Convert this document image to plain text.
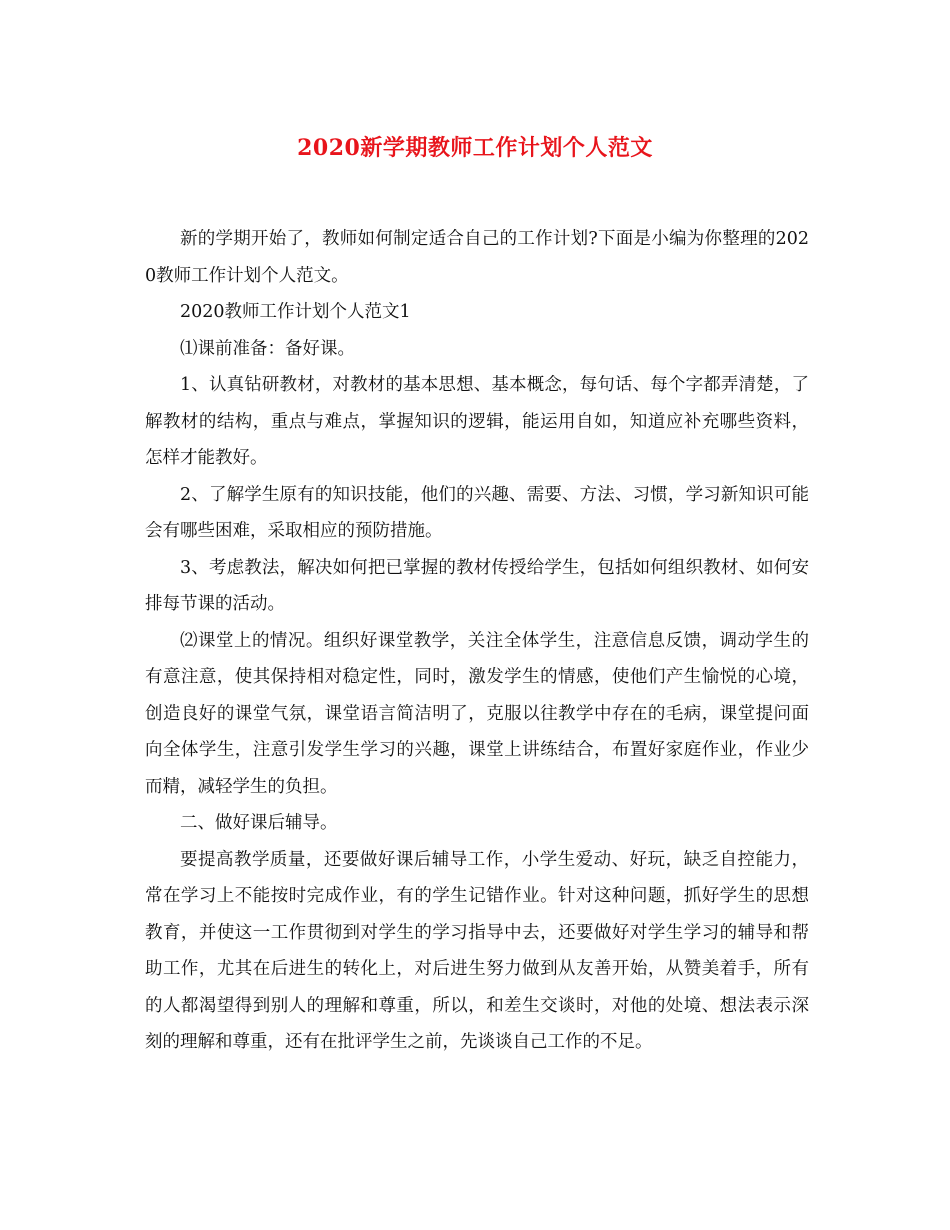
2020新学期教师工作计划个人范文

新的学期开始了，教师如何制定适合自己的工作计划?下面是小编为你整理的2020教师工作计划个人范文。

2020教师工作计划个人范文1

⑴课前准备：备好课。

1、认真钻研教材，对教材的基本思想、基本概念，每句话、每个字都弄清楚，了解教材的结构，重点与难点，掌握知识的逻辑，能运用自如，知道应补充哪些资料，怎样才能教好。

2、了解学生原有的知识技能，他们的兴趣、需要、方法、习惯，学习新知识可能会有哪些困难，采取相应的预防措施。

3、考虑教法，解决如何把已掌握的教材传授给学生，包括如何组织教材、如何安排每节课的活动。

⑵课堂上的情况。组织好课堂教学，关注全体学生，注意信息反馈，调动学生的有意注意，使其保持相对稳定性，同时，激发学生的情感，使他们产生愉悦的心境，创造良好的课堂气氛，课堂语言简洁明了，克服以往教学中存在的毛病，课堂提问面向全体学生，注意引发学生学习的兴趣，课堂上讲练结合，布置好家庭作业，作业少而精，减轻学生的负担。

二、做好课后辅导。

要提高教学质量，还要做好课后辅导工作，小学生爱动、好玩，缺乏自控能力，常在学习上不能按时完成作业，有的学生记错作业。针对这种问题，抓好学生的思想教育，并使这一工作贯彻到对学生的学习指导中去，还要做好对学生学习的辅导和帮助工作，尤其在后进生的转化上，对后进生努力做到从友善开始，从赞美着手，所有的人都渴望得到别人的理解和尊重，所以，和差生交谈时，对他的处境、想法表示深刻的理解和尊重，还有在批评学生之前，先谈谈自己工作的不足。
